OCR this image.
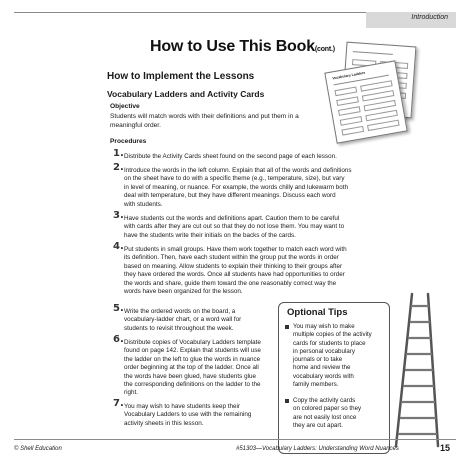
Introduction
How to Use This Book(cont.)
Vocabulary Ladders
How to Implement the Lessons
Vocabulary Ladders and Activity Cards
Objective
Students will match words with their definitions and put them in a
meaningful order.
Procedures
1. Distribute the Activity Cards sheet found on the second page of each lesson.
2. Introduce the words in the left column. Explain that all of the words and definitions
on the sheet have to do with a specific theme (e.g., temperature, size), but vary
in level of meaning, or nuance. For example, the words chilly and lukewarm both
deal with temperature, but they have different meanings. Discuss each word
with students.
3. Have students cut the words and definitions apart. Caution them to be careful
with cards after they are cut out so that they do not lose them. You may want to
have the students write their initials on the backs of the cards.
4. Put students in small groups. Have them work together to match each word with
its definition. Then, have each student within the group put the words in order
based on meaning. Allow students to explain their thinking to their groups after
they have ordered the words. Once all students have had opportunities to order
the words and share, guide them toward the one reasonably correct way the
words have been organized for the lesson.
5. Write the ordered words on the board, a
vocabulary-ladder chart, or a word wall for
students to revisit throughout the week.
6. Distribute copies of Vocabulary Ladders template
found on page 142. Explain that students will use
the ladder on the left to glue the words in nuance
order beginning at the top of the ladder. Once all
the words have been glued, have students glue
the corresponding definitions on the ladder to the
right.
7. You may wish to have students keep their
Vocabulary Ladders to use with the remaining
activity sheets in this lesson.
Optional Tips
You may wish to make
multiple copies of the activity
cards for students to place
in personal vocabulary
journals or to take
home and review the
vocabulary words with
family members.
Copy the activity cards
on colored paper so they
are not easily lost once
they are cut apart.
© Shell Education	#51303—Vocabulary Ladders: Understanding Word Nuances	15
